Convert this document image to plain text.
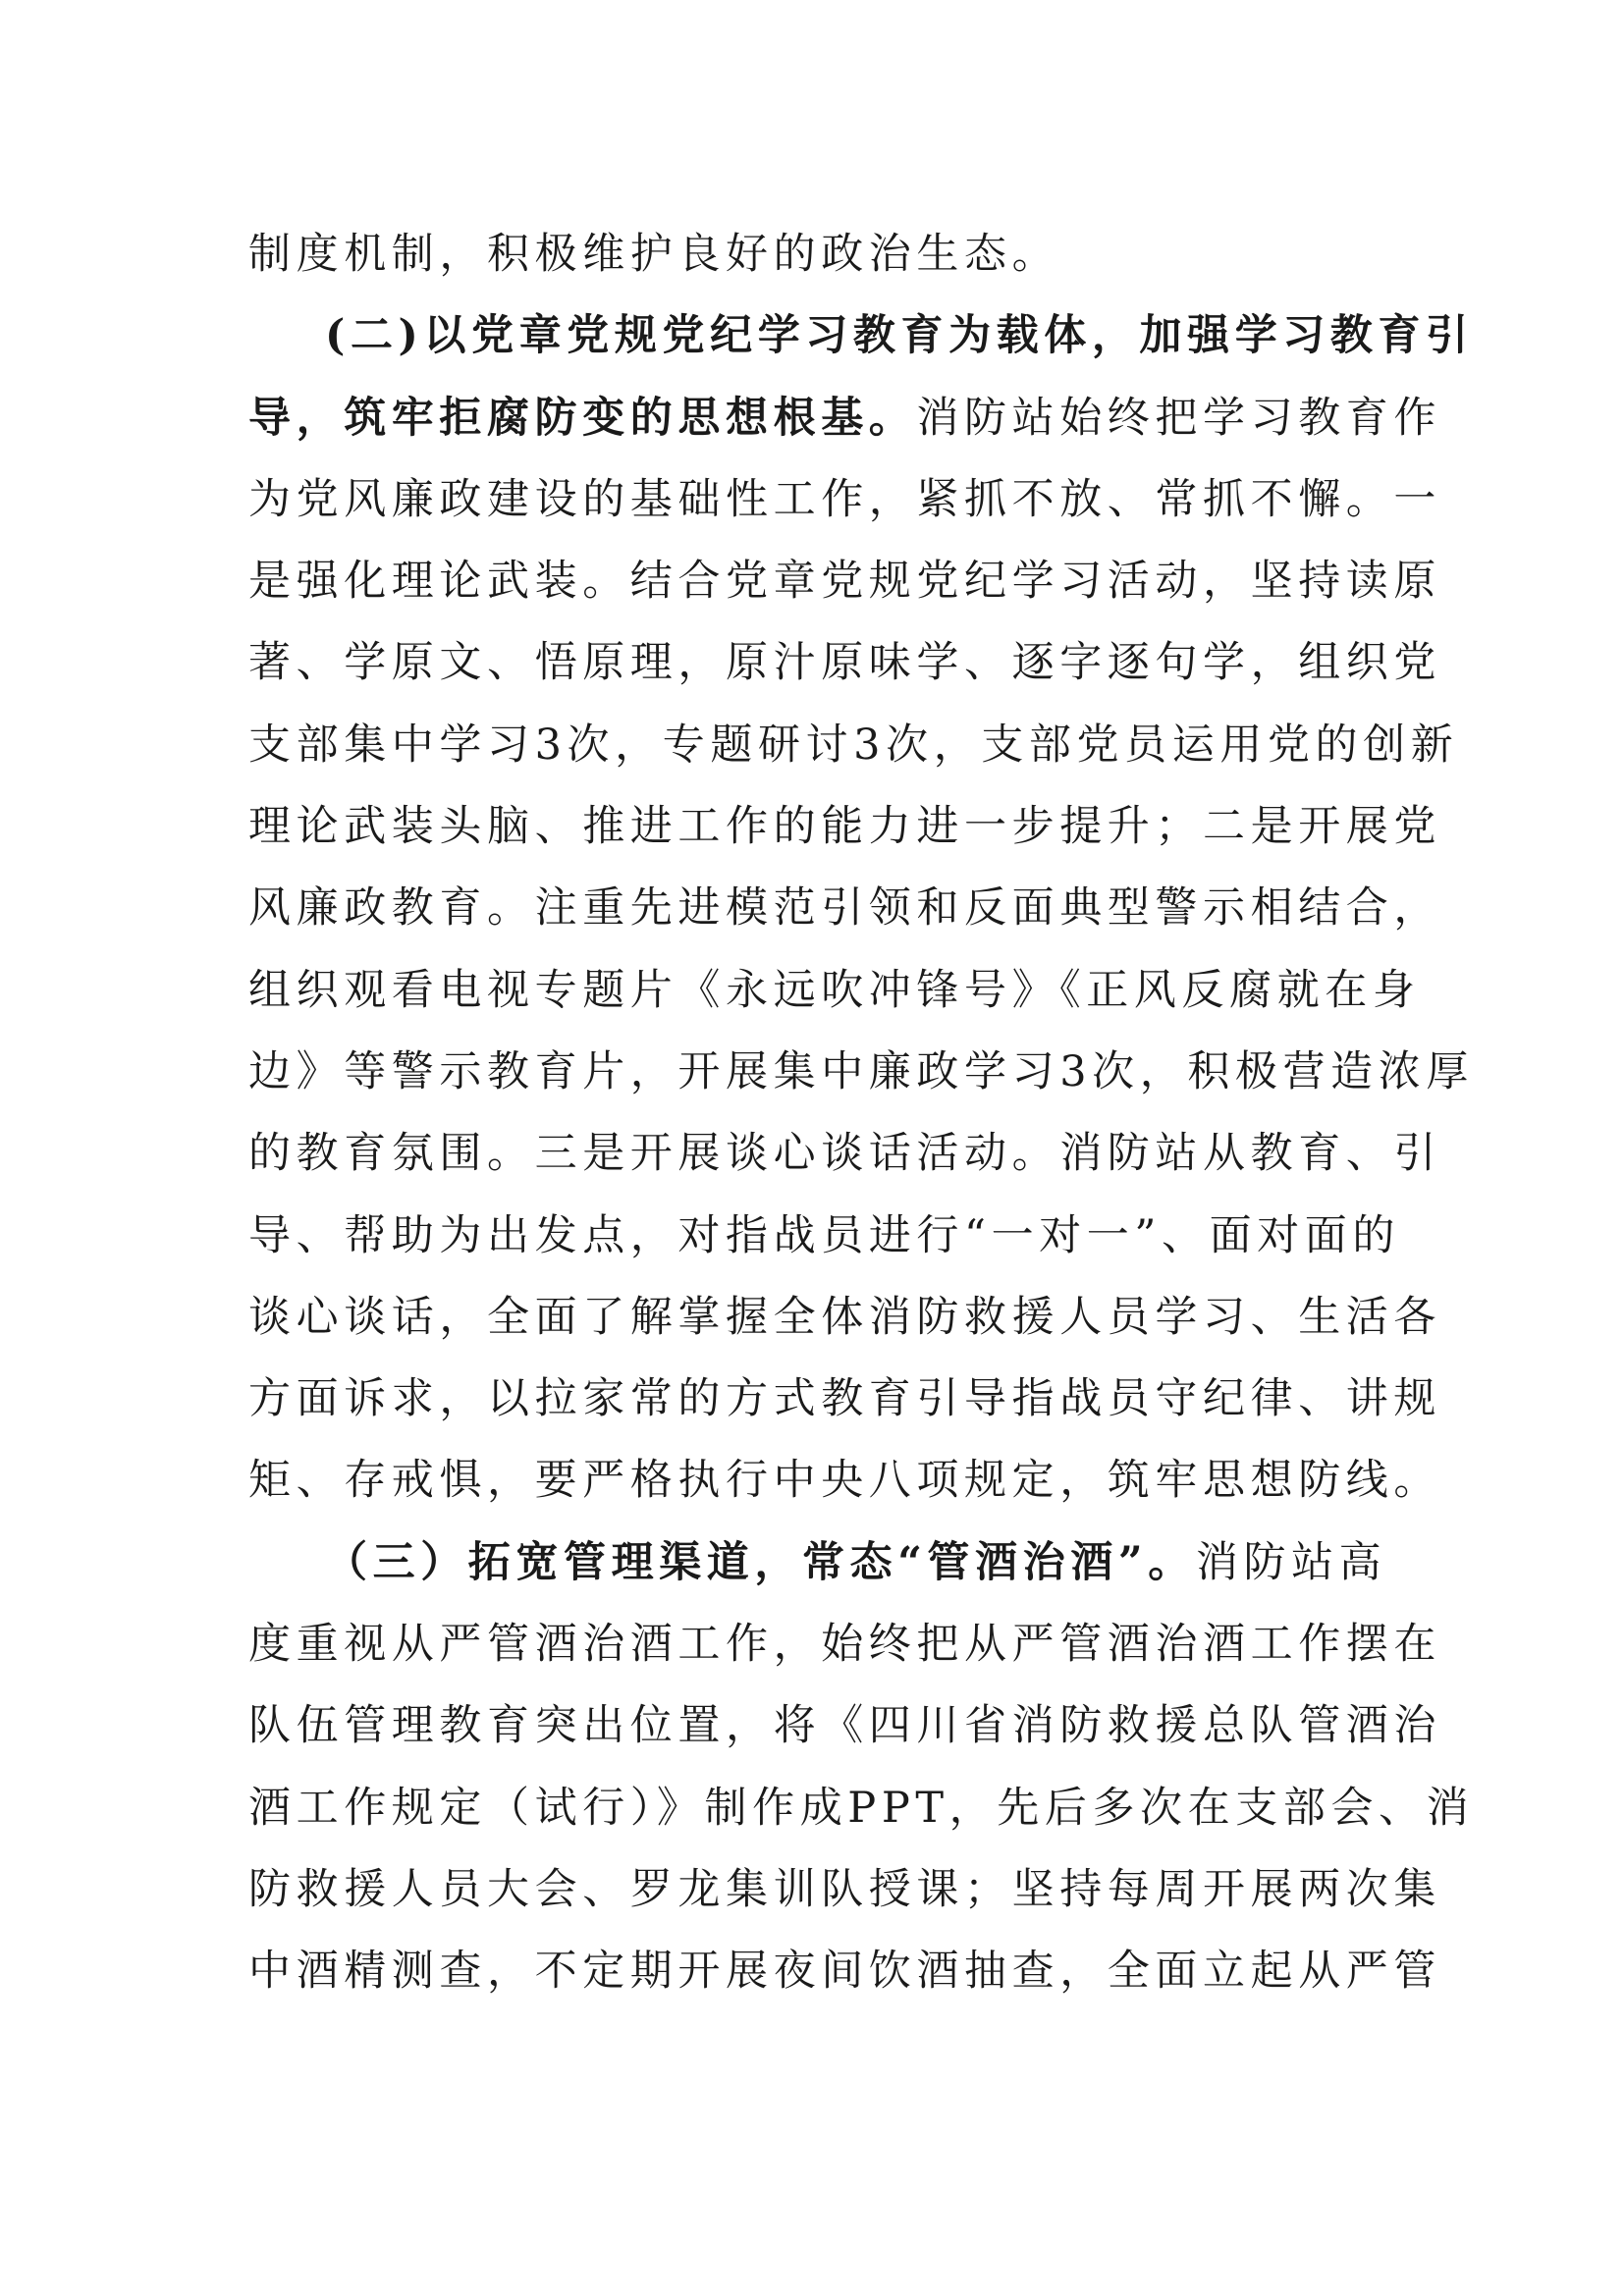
制度机制，积极维护良好的政治生态。
(二)以党章党规党纪学习教育为载体，加强学习教育引
导，筑牢拒腐防变的思想根基。消防站始终把学习教育作
为党风廉政建设的基础性工作，紧抓不放、常抓不懈。一
是强化理论武装。结合党章党规党纪学习活动，坚持读原
著、学原文、悟原理，原汁原味学、逐字逐句学，组织党
支部集中学习3次，专题研讨3次，支部党员运用党的创新
理论武装头脑、推进工作的能力进一步提升；二是开展党
风廉政教育。注重先进模范引领和反面典型警示相结合，
组织观看电视专题片《永远吹冲锋号》《正风反腐就在身
边》等警示教育片，开展集中廉政学习3次，积极营造浓厚
的教育氛围。三是开展谈心谈话活动。消防站从教育、引
导、帮助为出发点，对指战员进行“一对一”、面对面的
谈心谈话，全面了解掌握全体消防救援人员学习、生活各
方面诉求，以拉家常的方式教育引导指战员守纪律、讲规
矩、存戒惧，要严格执行中央八项规定，筑牢思想防线。
（三）拓宽管理渠道，常态“管酒治酒”。消防站高
度重视从严管酒治酒工作，始终把从严管酒治酒工作摆在
队伍管理教育突出位置，将《四川省消防救援总队管酒治
酒工作规定（试行）》制作成PPT，先后多次在支部会、消
防救援人员大会、罗龙集训队授课；坚持每周开展两次集
中酒精测查，不定期开展夜间饮酒抽查，全面立起从严管
